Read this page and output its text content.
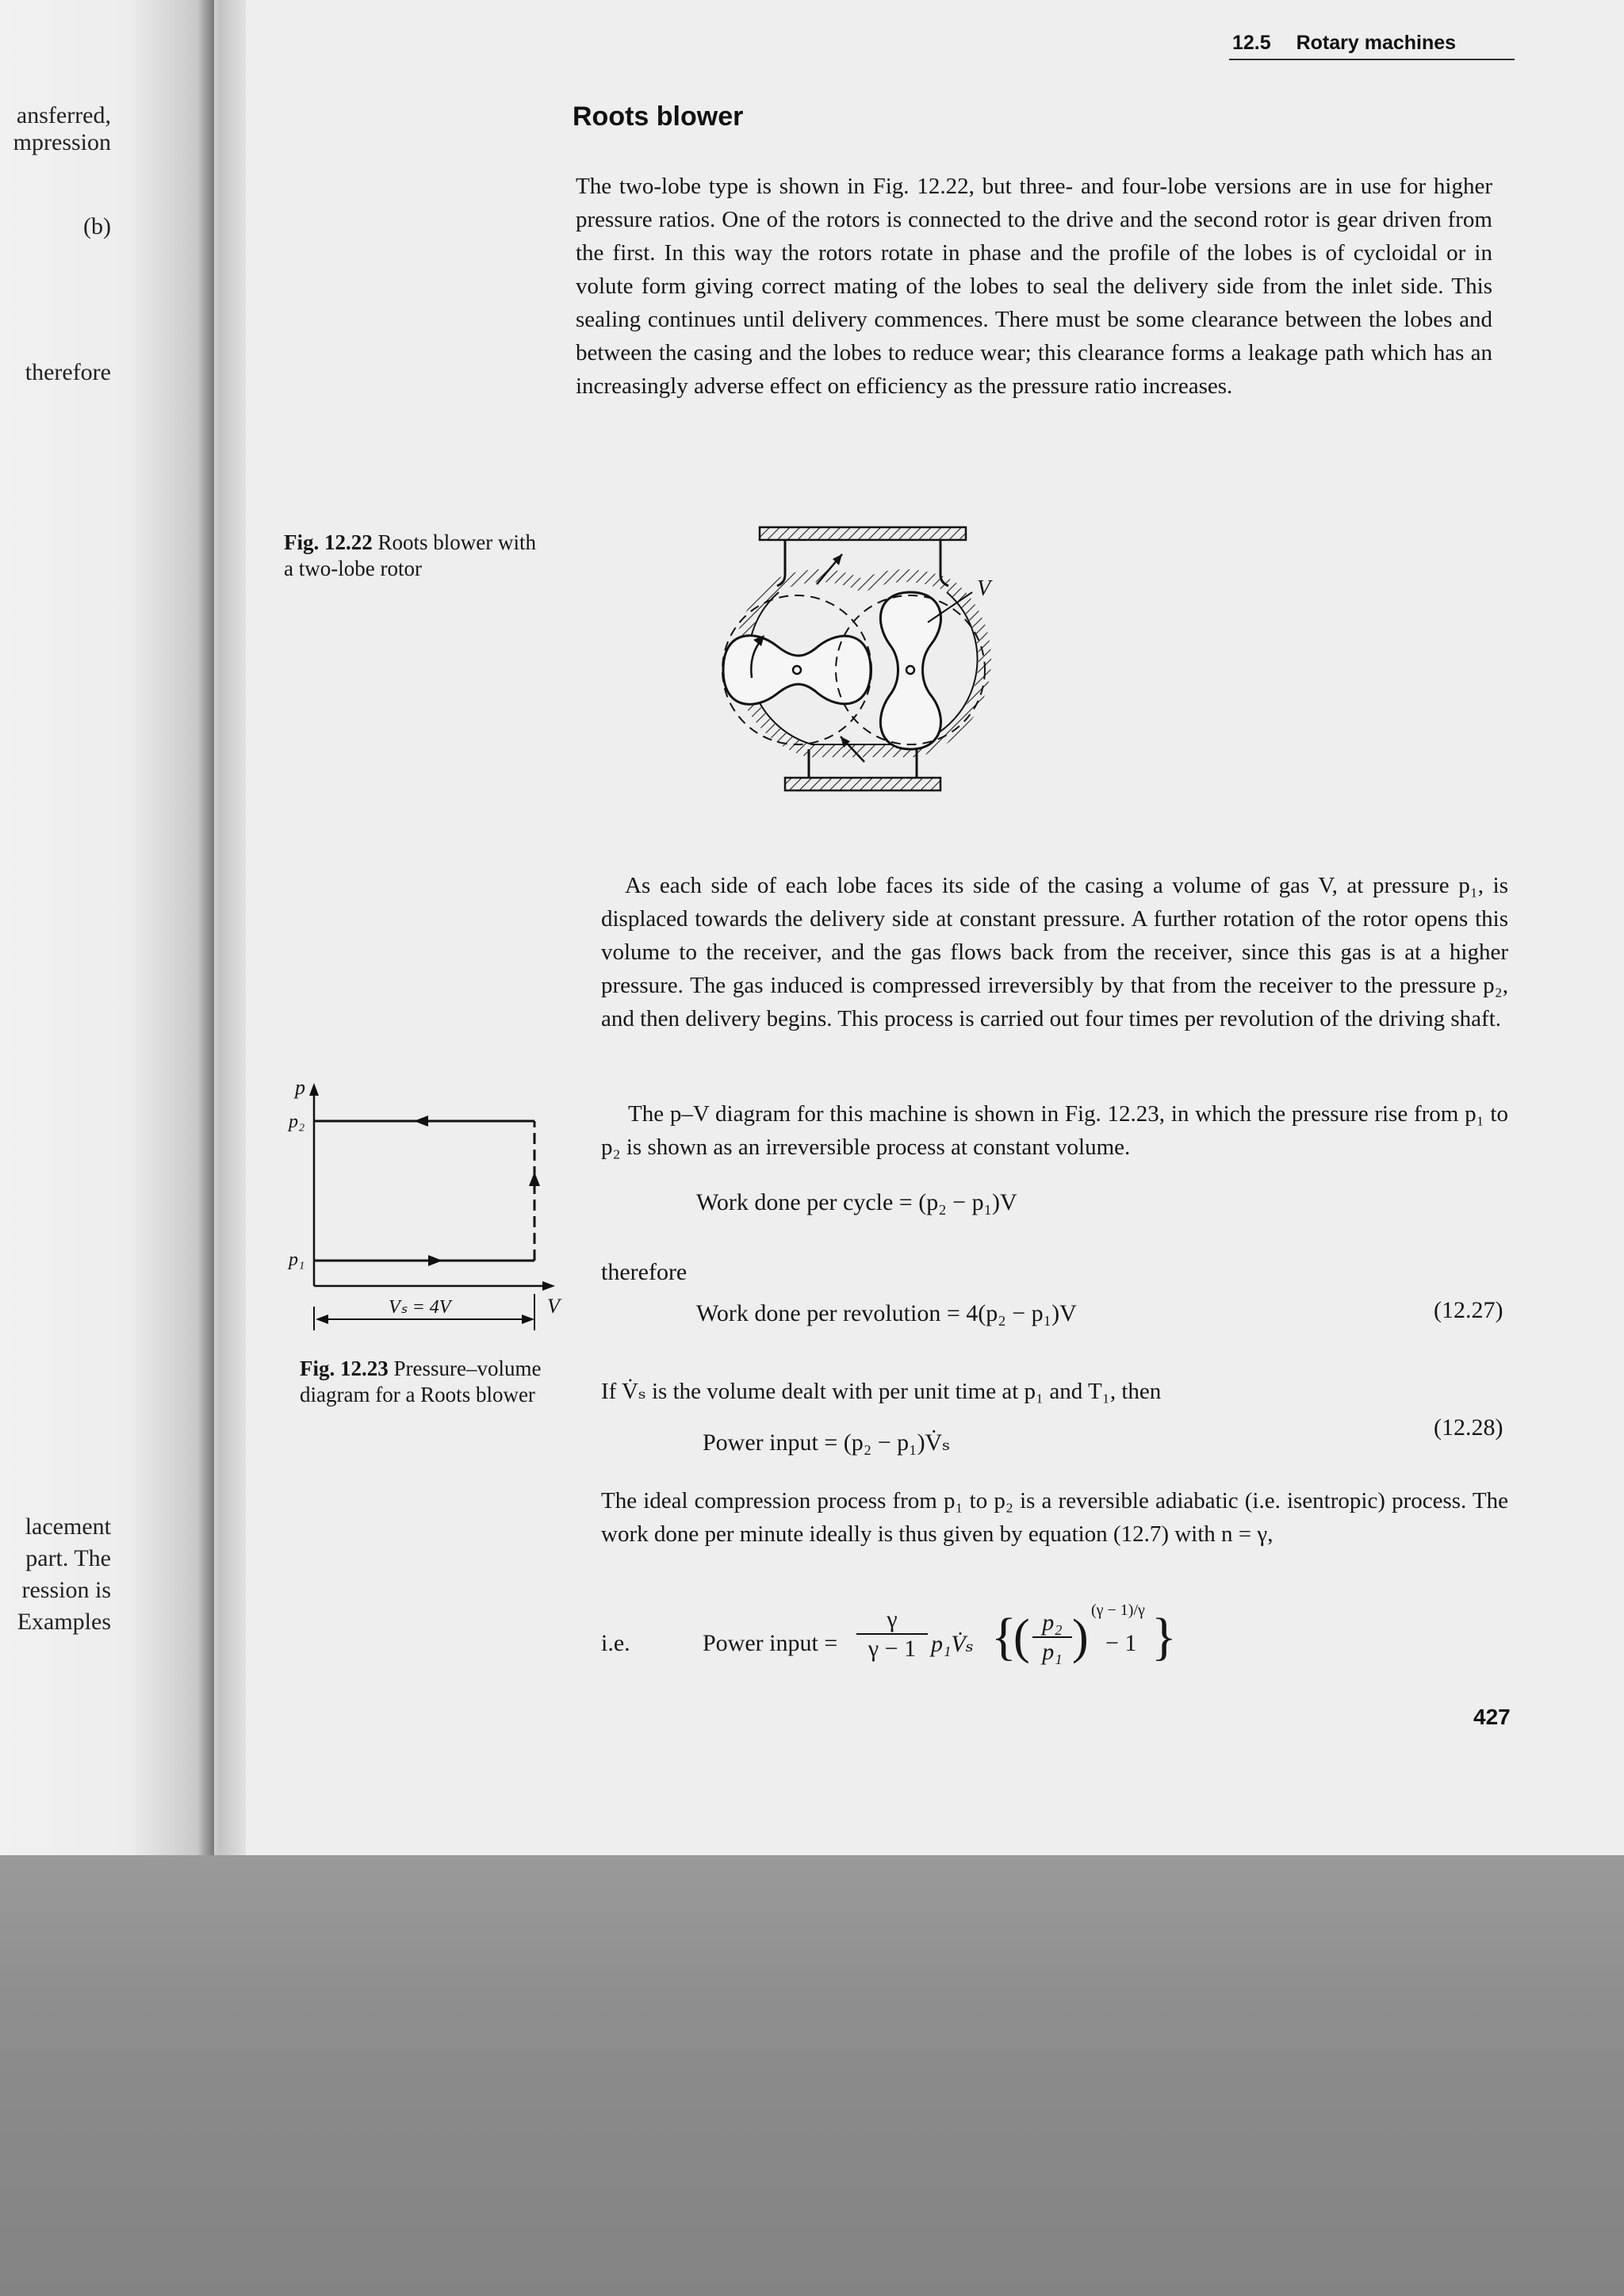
ansferred,
mpression
(b)
therefore
lacement
part. The
ression is
Examples
12.5 Rotary machines
Roots blower
The two-lobe type is shown in Fig. 12.22, but three- and four-lobe versions are in use for higher pressure ratios. One of the rotors is connected to the drive and the second rotor is gear driven from the first. In this way the rotors rotate in phase and the profile of the lobes is of cycloidal or in volute form giving correct mating of the lobes to seal the delivery side from the inlet side. This sealing continues until delivery commences. There must be some clearance between the lobes and between the casing and the lobes to reduce wear; this clearance forms a leakage path which has an increasingly adverse effect on efficiency as the pressure ratio increases.
Fig. 12.22 Roots blower with a two-lobe rotor
V
As each side of each lobe faces its side of the casing a volume of gas V, at pressure p₁, is displaced towards the delivery side at constant pressure. A further rotation of the rotor opens this volume to the receiver, and the gas flows back from the receiver, since this gas is at a higher pressure. The gas induced is compressed irreversibly by that from the receiver to the pressure p₂, and then delivery begins. This process is carried out four times per revolution of the driving shaft.
The p–V diagram for this machine is shown in Fig. 12.23, in which the pressure rise from p₁ to p₂ is shown as an irreversible process at constant volume.
Work done per cycle = (p₂ − p₁)V
therefore
Work done per revolution = 4(p₂ − p₁)V	(12.27)
p
p₂
p₁
V
Vₛ = 4V
Fig. 12.23 Pressure–volume diagram for a Roots blower	If V̇ₛ is the volume dealt with per unit time at p₁ and T₁, then
Power input = (p₂ − p₁)V̇ₛ
(12.28)
The ideal compression process from p₁ to p₂ is a reversible adiabatic (i.e. isentropic) process. The work done per minute ideally is thus given by equation (12.7) with n = γ,
i.e.	Power input = $\frac{\gamma}{\gamma - 1}$ p₁V̇ₛ {
( $\frac{\text{p₂}}{\text{p₁}}$ ) (γ − 1)/γ
− 1 }
427
